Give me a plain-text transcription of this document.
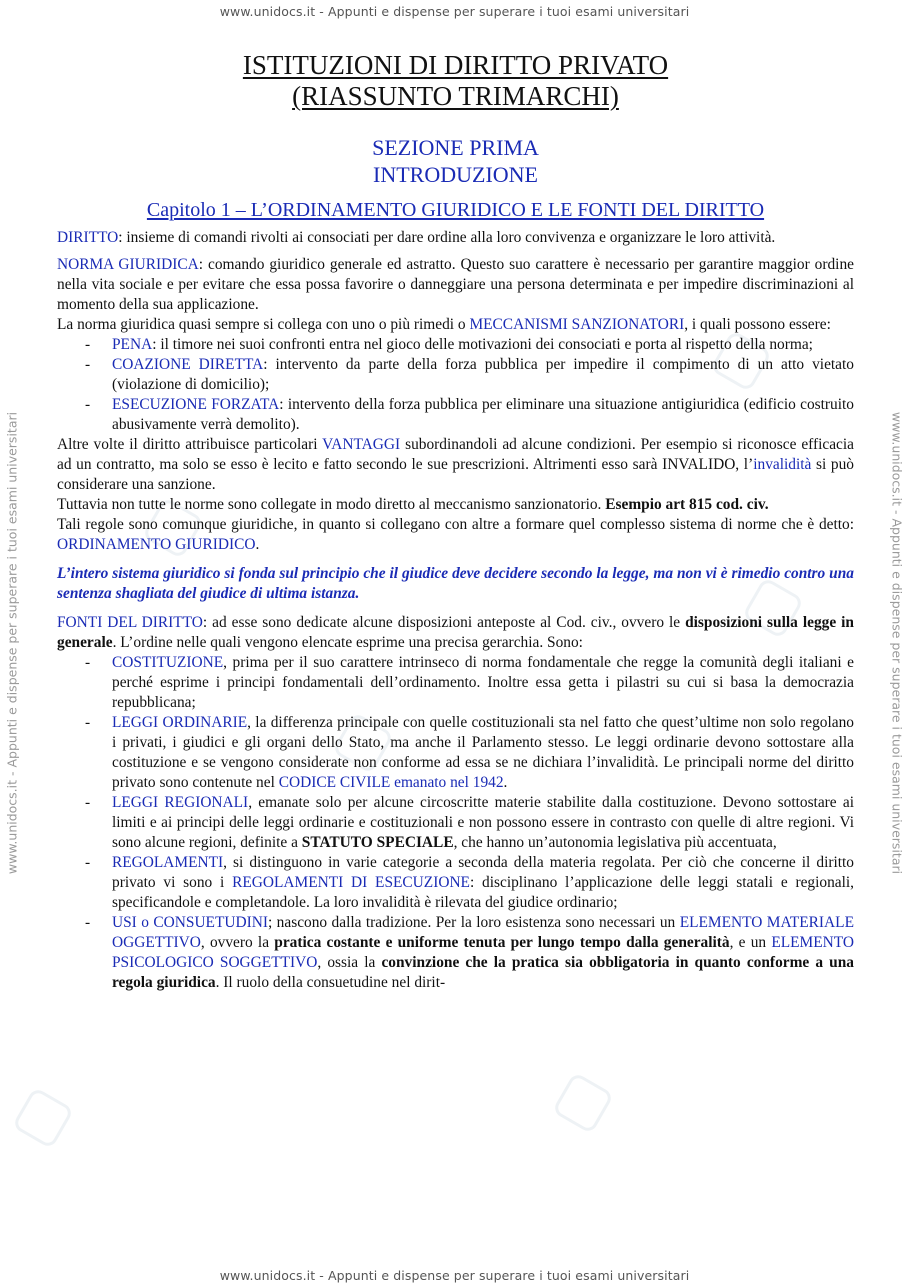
www.unidocs.it - Appunti e dispense per superare i tuoi esami universitari
www.unidocs.it - Appunti e dispense per superare i tuoi esami universitari
www.unidocs.it - Appunti e dispense per superare i tuoi esami universitari	www.unidocs.it - Appunti e dispense per superare i tuoi esami universitari
ISTITUZIONI DI DIRITTO PRIVATO
(RIASSUNTO TRIMARCHI)
SEZIONE PRIMA
INTRODUZIONE
Capitolo 1 – L’ORDINAMENTO GIURIDICO E LE FONTI DEL DIRITTO

DIRITTO: insieme di comandi rivolti ai consociati per dare ordine alla loro convivenza e organizzare le loro attività.

NORMA GIURIDICA: comando giuridico generale ed astratto. Questo suo carattere è necessario per garantire maggior ordine nella vita sociale e per evitare che essa possa favorire o danneggiare una persona determinata e per impedire discriminazioni al momento della sua applicazione.

La norma giuridica quasi sempre si collega con uno o più rimedi o MECCANISMI SANZIONATORI, i quali possono essere:

- PENA: il timore nei suoi confronti entra nel gioco delle motivazioni dei consociati e porta al rispetto della norma;
- COAZIONE DIRETTA: intervento da parte della forza pubblica per impedire il compimento di un atto vietato (violazione di domicilio);
- ESECUZIONE FORZATA: intervento della forza pubblica per eliminare una situazione antigiuridica (edificio costruito abusivamente verrà demolito).

Altre volte il diritto attribuisce particolari VANTAGGI subordinandoli ad alcune condizioni. Per esempio si riconosce efficacia ad un contratto, ma solo se esso è lecito e fatto secondo le sue prescrizioni. Altrimenti esso sarà INVALIDO, l’invalidità si può considerare una sanzione.

Tuttavia non tutte le norme sono collegate in modo diretto al meccanismo sanzionatorio. Esempio art 815 cod. civ.

Tali regole sono comunque giuridiche, in quanto si collegano con altre a formare quel complesso sistema di norme che è detto: ORDINAMENTO GIURIDICO.

L’intero sistema giuridico si fonda sul principio che il giudice deve decidere secondo la legge, ma non vi è rimedio contro una sentenza shagliata del giudice di ultima istanza.

FONTI DEL DIRITTO: ad esse sono dedicate alcune disposizioni anteposte al Cod. civ., ovvero le disposizioni sulla legge in generale. L’ordine nelle quali vengono elencate esprime una precisa gerarchia. Sono:

- COSTITUZIONE, prima per il suo carattere intrinseco di norma fondamentale che regge la comunità degli italiani e perché esprime i principi fondamentali dell’ordinamento. Inoltre essa getta i pilastri su cui si basa la democrazia repubblicana;
- LEGGI ORDINARIE, la differenza principale con quelle costituzionali sta nel fatto che quest’ultime non solo regolano i privati, i giudici e gli organi dello Stato, ma anche il Parlamento stesso. Le leggi ordinarie devono sottostare alla costituzione e se vengono considerate non conforme ad essa se ne dichiara l’invalidità. Le principali norme del diritto privato sono contenute nel CODICE CIVILE emanato nel 1942.
- LEGGI REGIONALI, emanate solo per alcune circoscritte materie stabilite dalla costituzione. Devono sottostare ai limiti e ai principi delle leggi ordinarie e costituzionali e non possono essere in contrasto con quelle di altre regioni. Vi sono alcune regioni, definite a STATUTO SPECIALE, che hanno un’autonomia legislativa più accentuata,
- REGOLAMENTI, si distinguono in varie categorie a seconda della materia regolata. Per ciò che concerne il diritto privato vi sono i REGOLAMENTI DI ESECUZIONE: disciplinano l’applicazione delle leggi statali e regionali, specificandole e completandole. La loro invalidità è rilevata del giudice ordinario;
- USI o CONSUETUDINI; nascono dalla tradizione. Per la loro esistenza sono necessari un ELEMENTO MATERIALE OGGETTIVO, ovvero la pratica costante e uniforme tenuta per lungo tempo dalla generalità, e un ELEMENTO PSICOLOGICO SOGGETTIVO, ossia la convinzione che la pratica sia obbligatoria in quanto conforme a una regola giuridica. Il ruolo della consuetudine nel dirit-
